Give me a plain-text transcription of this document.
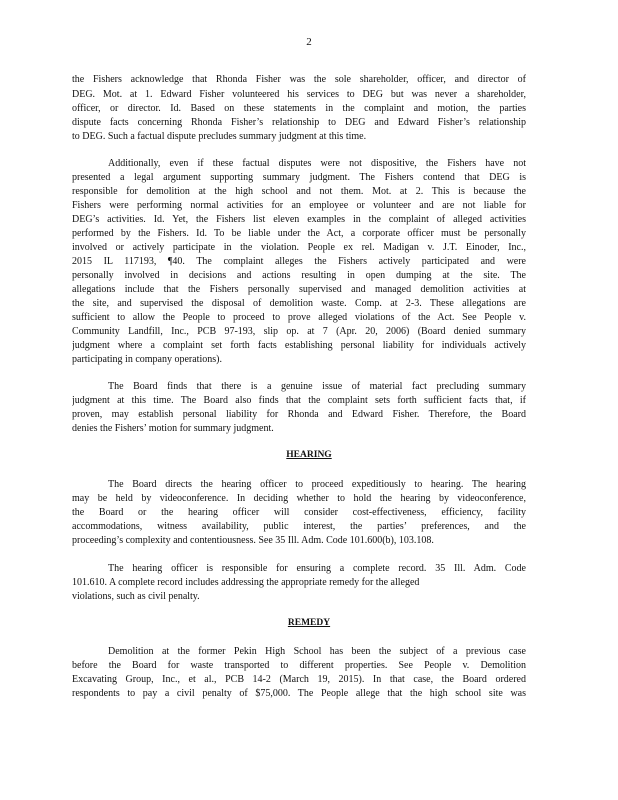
2
the Fishers acknowledge that Rhonda Fisher was the sole shareholder, officer, and director of
DEG. Mot. at 1. Edward Fisher volunteered his services to DEG but was never a shareholder,
officer, or director. Id. Based on these statements in the complaint and motion, the parties
dispute facts concerning Rhonda Fisher’s relationship to DEG and Edward Fisher’s relationship
to DEG. Such a factual dispute precludes summary judgment at this time.
Additionally, even if these factual disputes were not dispositive, the Fishers have not
presented a legal argument supporting summary judgment. The Fishers contend that DEG is
responsible for demolition at the high school and not them. Mot. at 2. This is because the
Fishers were performing normal activities for an employee or volunteer and are not liable for
DEG’s activities. Id. Yet, the Fishers list eleven examples in the complaint of alleged activities
performed by the Fishers. Id. To be liable under the Act, a corporate officer must be personally
involved or actively participate in the violation. People ex rel. Madigan v. J.T. Einoder, Inc.,
2015 IL 117193, ¶40. The complaint alleges the Fishers actively participated and were
personally involved in decisions and actions resulting in open dumping at the site. The
allegations include that the Fishers personally supervised and managed demolition activities at
the site, and supervised the disposal of demolition waste. Comp. at 2-3. These allegations are
sufficient to allow the People to proceed to prove alleged violations of the Act. See People v.
Community Landfill, Inc., PCB 97-193, slip op. at 7 (Apr. 20, 2006) (Board denied summary
judgment where a complaint set forth facts establishing personal liability for individuals actively
participating in company operations).
The Board finds that there is a genuine issue of material fact precluding summary
judgment at this time. The Board also finds that the complaint sets forth sufficient facts that, if
proven, may establish personal liability for Rhonda and Edward Fisher. Therefore, the Board
denies the Fishers’ motion for summary judgment.
HEARING
The Board directs the hearing officer to proceed expeditiously to hearing. The hearing
may be held by videoconference. In deciding whether to hold the hearing by videoconference,
the Board or the hearing officer will consider cost-effectiveness, efficiency, facility
accommodations, witness availability, public interest, the parties’ preferences, and the
proceeding’s complexity and contentiousness. See 35 Ill. Adm. Code 101.600(b), 103.108.
The hearing officer is responsible for ensuring a complete record. 35 Ill. Adm. Code
101.610. A complete record includes addressing the appropriate remedy for the alleged
violations, such as civil penalty.
REMEDY
Demolition at the former Pekin High School has been the subject of a previous case
before the Board for waste transported to different properties. See People v. Demolition
Excavating Group, Inc., et al., PCB 14-2 (March 19, 2015). In that case, the Board ordered
respondents to pay a civil penalty of $75,000. The People allege that the high school site was
